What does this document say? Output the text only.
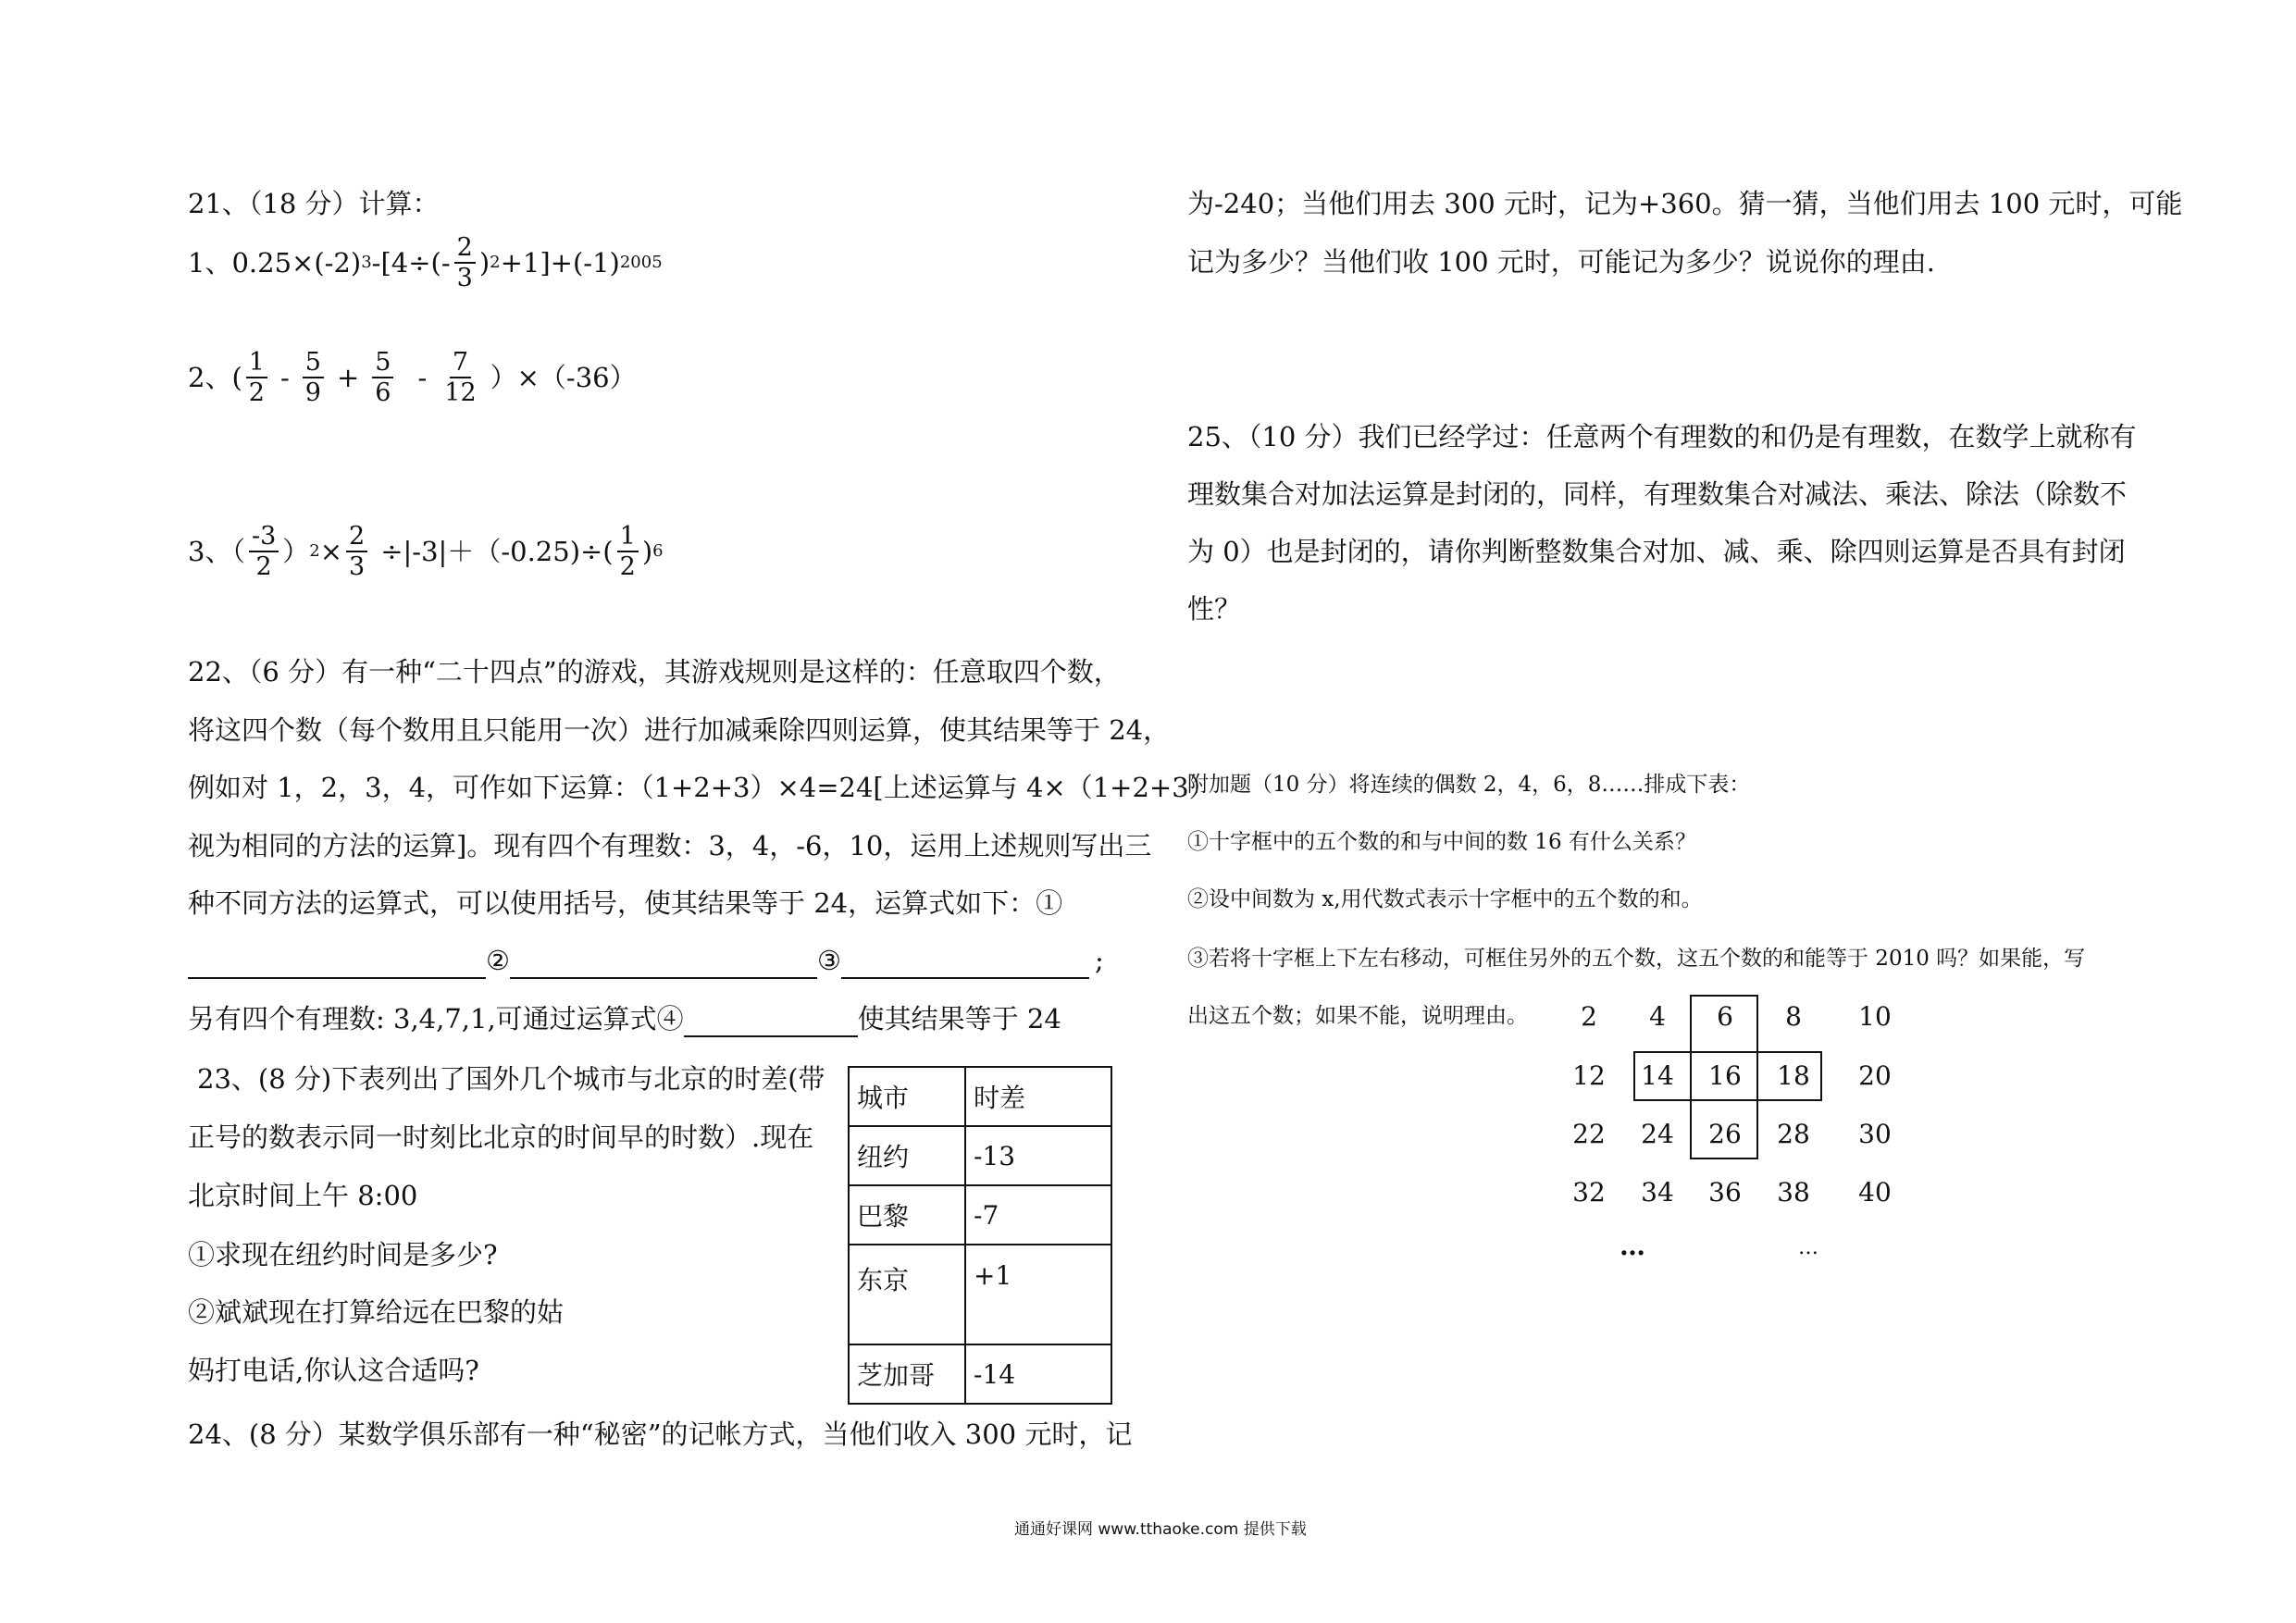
21、（18 分）计算：
1、0.25×(-2) 3 $-[4\div(- \frac{2}{3}$ ) 2 +1]+(-1) 2005
2、( $\frac{1}{2} - \frac{5}{9} + \frac{5}{6} - \frac{7}{12} )\times(-36)$
3、（ $\frac{-3}{2}$ ） $2 \times \frac{2}{3} \div|-3|+(-0.25)\div( \frac{1}{2}$ ) 6
22、（6 分）有一种“二十四点”的游戏，其游戏规则是这样的：任意取四个数，
将这四个数（每个数用且只能用一次）进行加减乘除四则运算，使其结果等于 24，
例如对 1，2，3，4，可作如下运算：（1+2+3）×4=24[上述运算与 4×（1+2+3）
视为相同的方法的运算]。现有四个有理数：3，4，-6，10，运用上述规则写出三
种不同方法的运算式，可以使用括号，使其结果等于 24，运算式如下：①
②	③	;
另有四个有理数: 3,4,7,1,可通过运算式④	使其结果等于 24
23、(8 分)下表列出了国外几个城市与北京的时差(带
正号的数表示同一时刻比北京的时间早的时数）.现在
北京时间上午 8:00
①求现在纽约时间是多少?
②斌斌现在打算给远在巴黎的姑
妈打电话,你认这合适吗?
城市	时差
纽约	-13
巴黎	-7
东京	+1
芝加哥	-14
24、(8 分）某数学俱乐部有一种“秘密”的记帐方式，当他们收入 300 元时，记
为-240；当他们用去 300 元时，记为+360。猜一猜，当他们用去 100 元时，可能
记为多少？当他们收 100 元时，可能记为多少？说说你的理由.
25、（10 分）我们已经学过：任意两个有理数的和仍是有理数，在数学上就称有
理数集合对加法运算是封闭的，同样，有理数集合对减法、乘法、除法（除数不
为 0）也是封闭的，请你判断整数集合对加、减、乘、除四则运算是否具有封闭
性？
附加题（10 分）将连续的偶数 2，4，6，8……排成下表：
①十字框中的五个数的和与中间的数 16 有什么关系？
②设中间数为 x,用代数式表示十字框中的五个数的和。
③若将十字框上下左右移动，可框住另外的五个数，这五个数的和能等于 2010 吗？如果能，写
出这五个数；如果不能，说明理由。	2	4	6	8	10
12	14	16	18	20
22	24	26	28	30
32	34	36	38	40
…	…
通通好课网 www.tthaoke.com 提供下载
